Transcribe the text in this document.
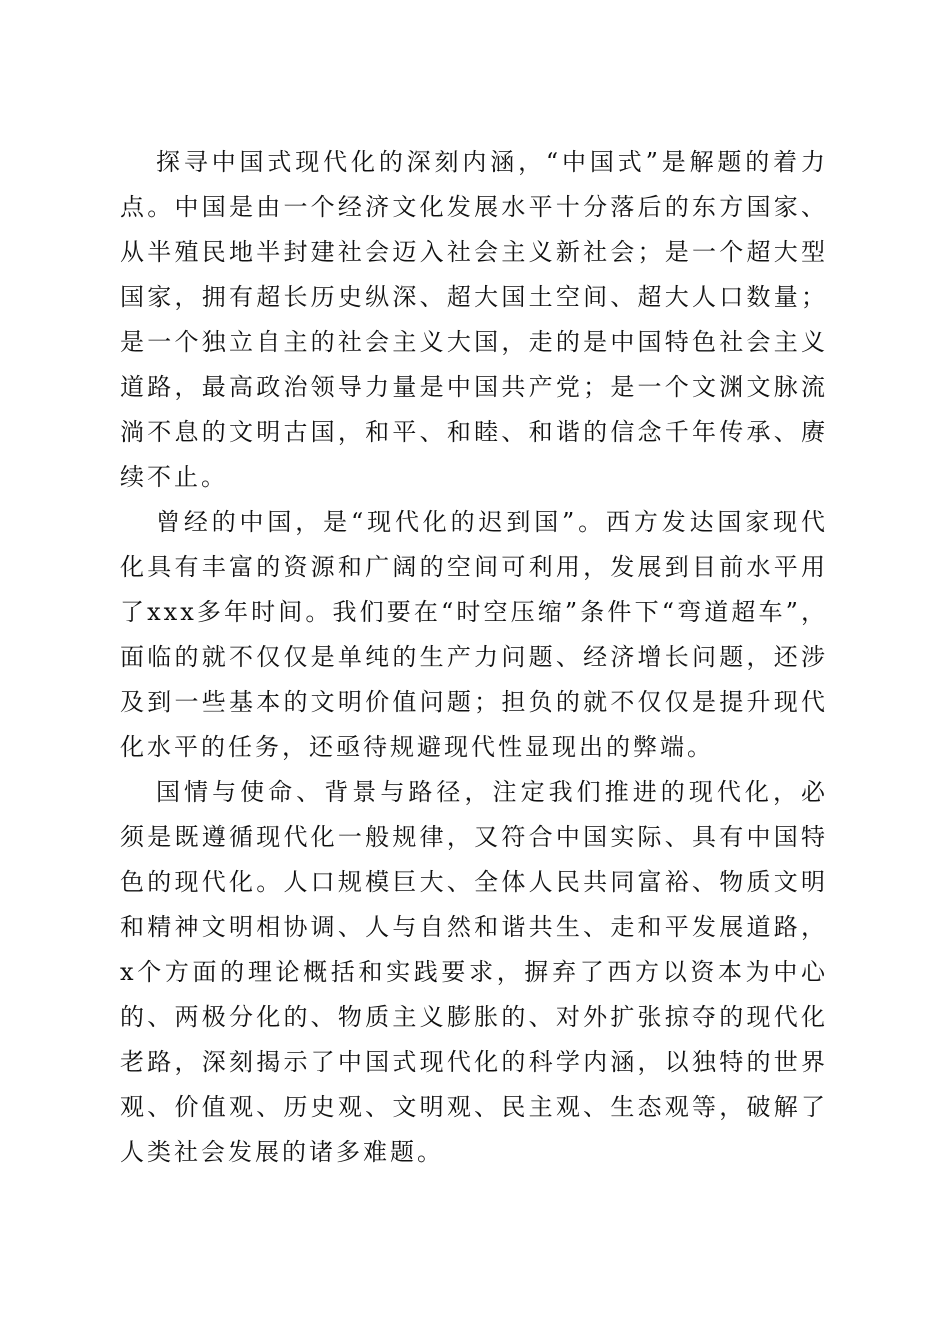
探寻中国式现代化的深刻内涵，“中国式”是解题的着力点。中国是由一个经济文化发展水平十分落后的东方国家、从半殖民地半封建社会迈入社会主义新社会；是一个超大型国家，拥有超长历史纵深、超大国土空间、超大人口数量；是一个独立自主的社会主义大国，走的是中国特色社会主义道路，最高政治领导力量是中国共产党；是一个文渊文脉流淌不息的文明古国，和平、和睦、和谐的信念千年传承、赓续不止。

曾经的中国，是“现代化的迟到国”。西方发达国家现代化具有丰富的资源和广阔的空间可利用，发展到目前水平用了xxx多年时间。我们要在“时空压缩”条件下“弯道超车”，面临的就不仅仅是单纯的生产力问题、经济增长问题，还涉及到一些基本的文明价值问题；担负的就不仅仅是提升现代化水平的任务，还亟待规避现代性显现出的弊端。

国情与使命、背景与路径，注定我们推进的现代化，必须是既遵循现代化一般规律，又符合中国实际、具有中国特色的现代化。人口规模巨大、全体人民共同富裕、物质文明和精神文明相协调、人与自然和谐共生、走和平发展道路，x个方面的理论概括和实践要求，摒弃了西方以资本为中心的、两极分化的、物质主义膨胀的、对外扩张掠夺的现代化老路，深刻揭示了中国式现代化的科学内涵，以独特的世界观、价值观、历史观、文明观、民主观、生态观等，破解了人类社会发展的诸多难题。
